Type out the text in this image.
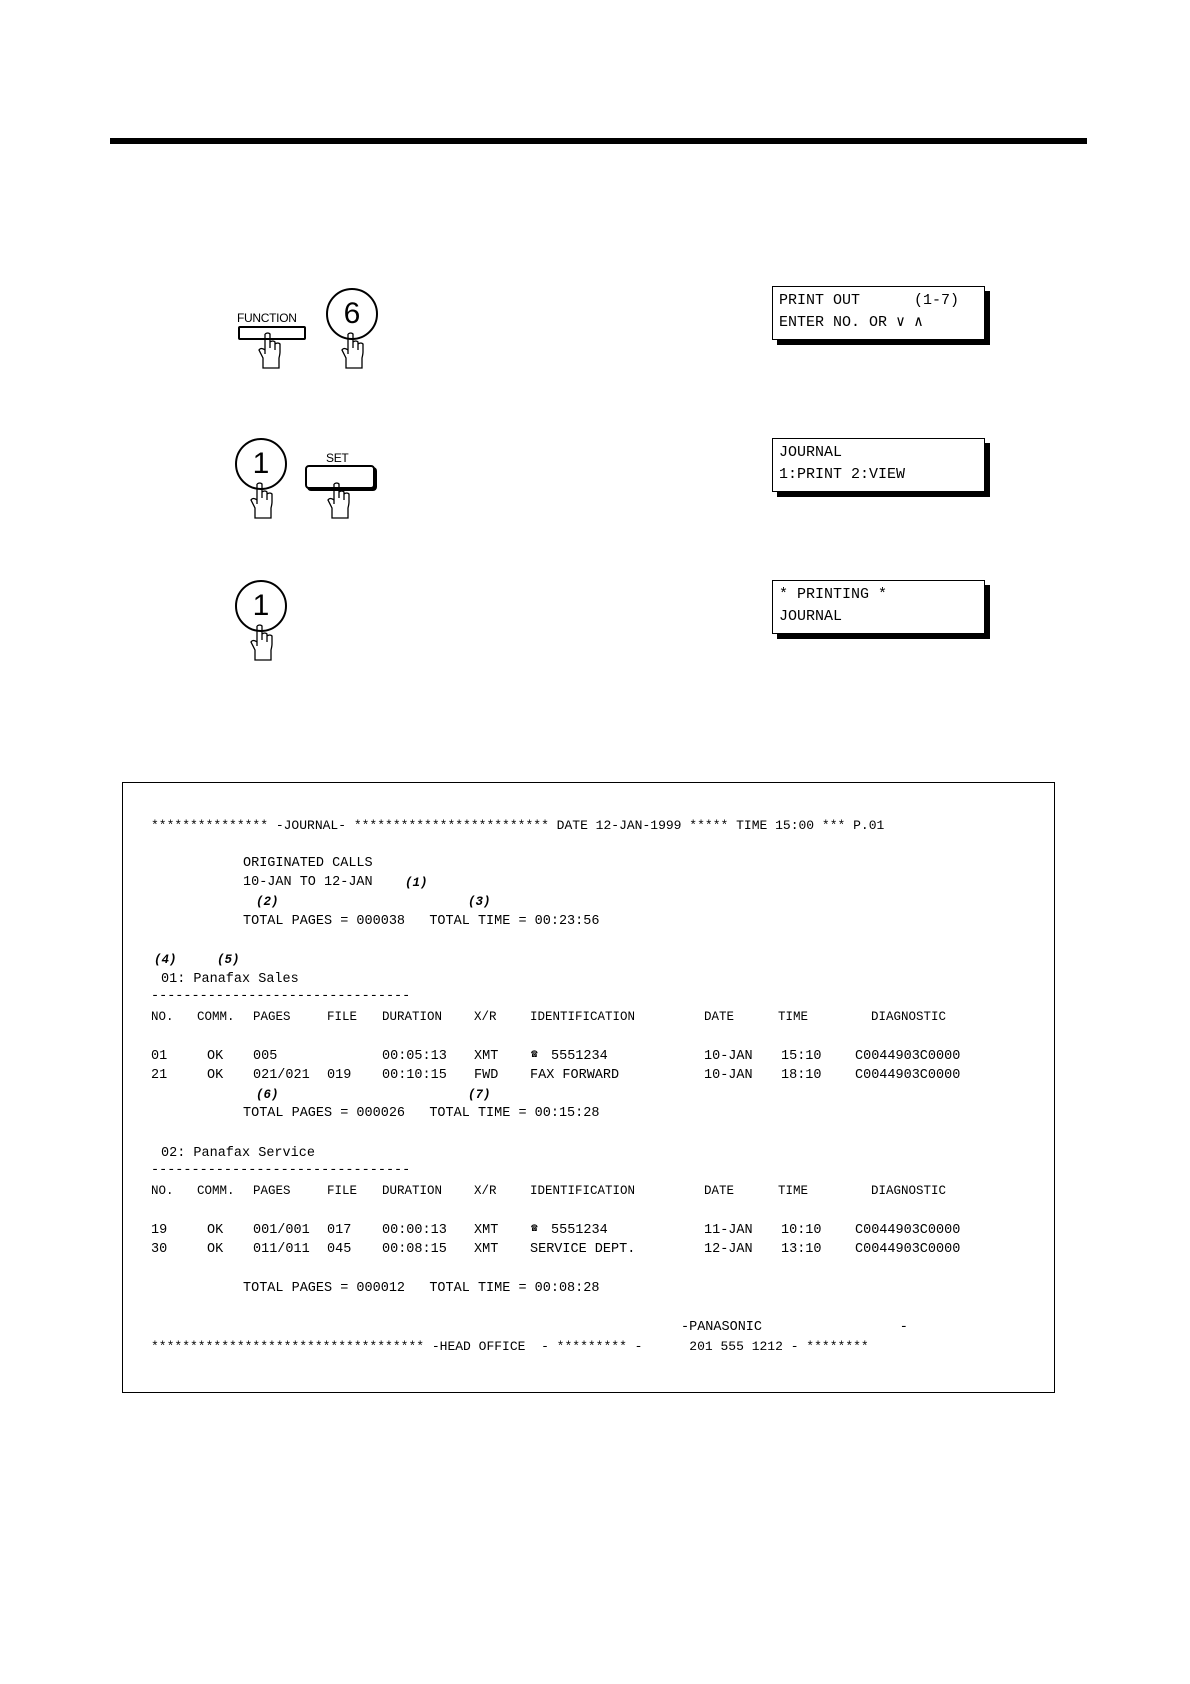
FUNCTION	6	PRINT OUT      (1-7)
ENTER NO. OR ∨ ∧
1	SET	JOURNAL
1:PRINT 2:VIEW
1	* PRINTING *
JOURNAL
*************** -JOURNAL- ************************* DATE 12-JAN-1999 ***** TIME 15:00 *** P.01
ORIGINATED CALLS
10-JAN TO 12-JAN	(1)
(2)	(3)
TOTAL PAGES = 000038   TOTAL TIME = 00:23:56
(4)	(5)
01: Panafax Sales
--------------------------------
NO. COMM. PAGES	FILE DURATION	X/R	IDENTIFICATION	DATE	TIME	DIAGNOSTIC
01	OK 005	00:05:13 XMT	☎ 5551234	10-JAN 15:10 C0044903C0000
21	OK 021/021 019 00:10:15 FWD FAX FORWARD	10-JAN 18:10 C0044903C0000
(6)	(7)
TOTAL PAGES = 000026   TOTAL TIME = 00:15:28
02: Panafax Service
--------------------------------
NO. COMM. PAGES	FILE DURATION	X/R	IDENTIFICATION	DATE	TIME	DIAGNOSTIC
19	OK 001/001 017 00:00:13 XMT	☎ 5551234	11-JAN 10:10 C0044903C0000
30	OK 011/011 045 00:08:15 XMT SERVICE DEPT.	12-JAN 13:10 C0044903C0000
TOTAL PAGES = 000012   TOTAL TIME = 00:08:28
-PANASONIC                 -
*********************************** -HEAD OFFICE  - ********* -      201 555 1212 - ********
